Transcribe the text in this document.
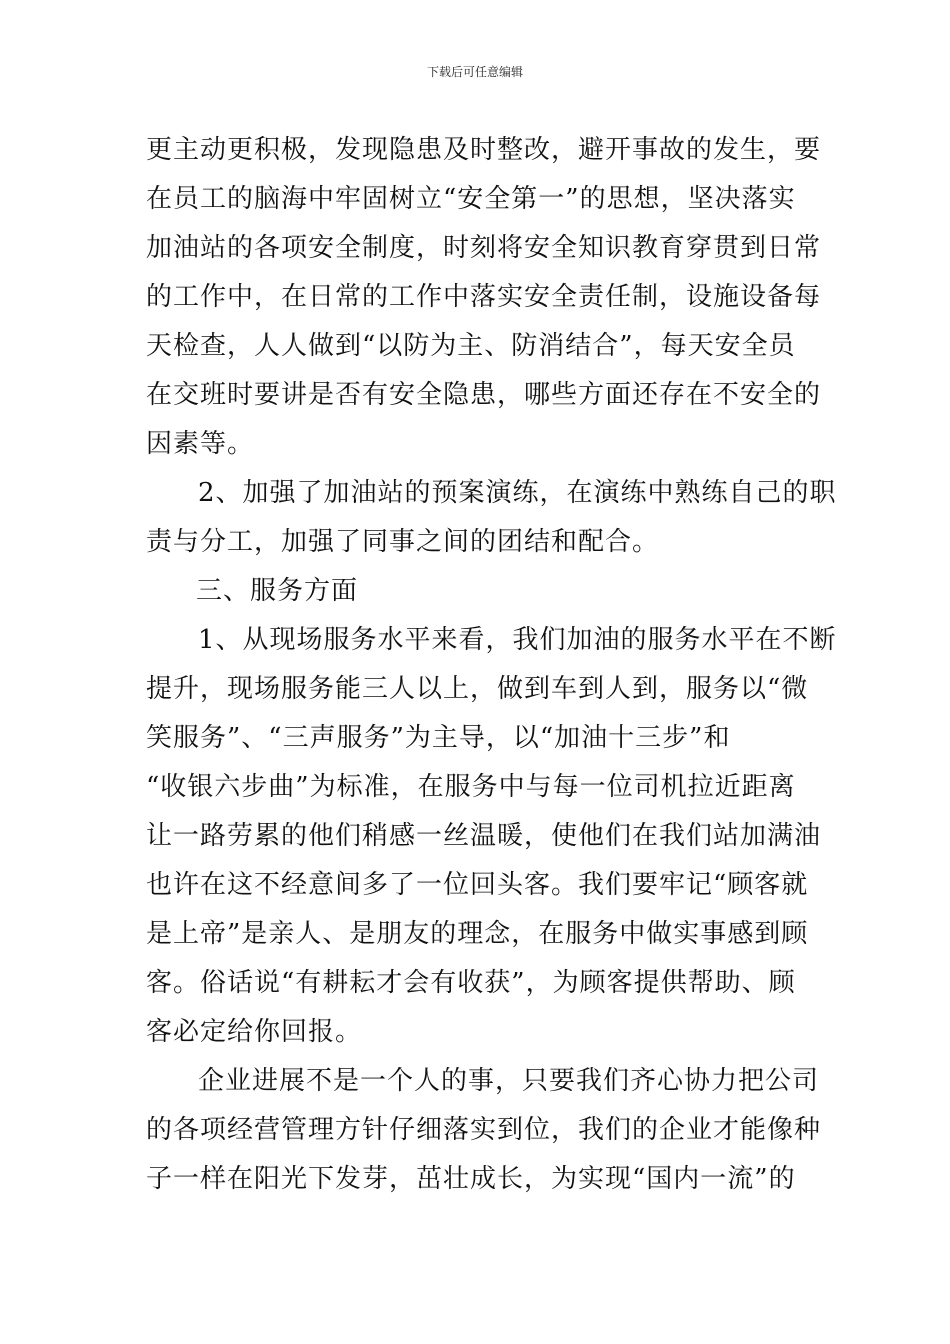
下载后可任意编辑
更主动更积极，发现隐患及时整改，避开事故的发生，要
在员工的脑海中牢固树立“安全第一”的思想，坚决落实
加油站的各项安全制度，时刻将安全知识教育穿贯到日常
的工作中，在日常的工作中落实安全责任制，设施设备每
天检查，人人做到“以防为主、防消结合”，每天安全员
在交班时要讲是否有安全隐患，哪些方面还存在不安全的
因素等。
2、加强了加油站的预案演练，在演练中熟练自己的职
责与分工，加强了同事之间的团结和配合。
三、服务方面
1、从现场服务水平来看，我们加油的服务水平在不断
提升，现场服务能三人以上，做到车到人到，服务以“微
笑服务”、“三声服务”为主导，以“加油十三步”和
“收银六步曲”为标准，在服务中与每一位司机拉近距离
让一路劳累的他们稍感一丝温暖，使他们在我们站加满油
也许在这不经意间多了一位回头客。我们要牢记“顾客就
是上帝”是亲人、是朋友的理念，在服务中做实事感到顾
客。俗话说“有耕耘才会有收获”，为顾客提供帮助、顾
客必定给你回报。
企业进展不是一个人的事，只要我们齐心协力把公司
的各项经营管理方针仔细落实到位，我们的企业才能像种
子一样在阳光下发芽，茁壮成长，为实现“国内一流”的
